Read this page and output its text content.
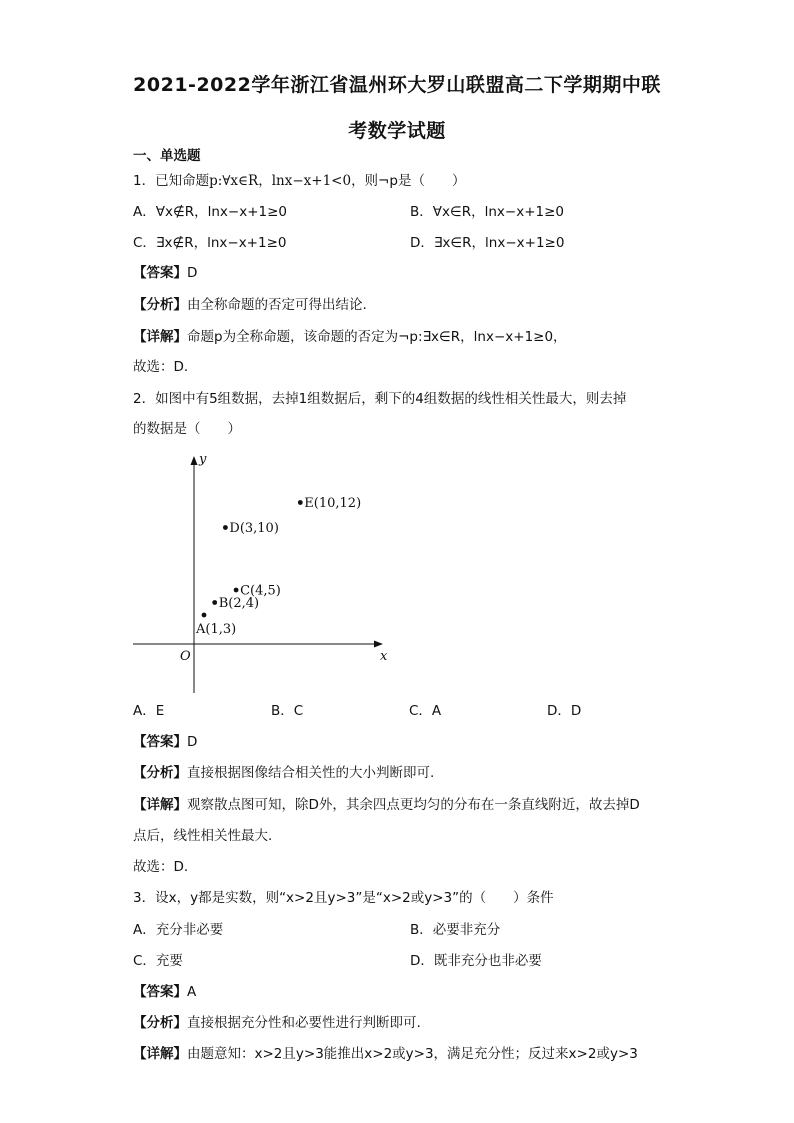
2021-2022学年浙江省温州环大罗山联盟高二下学期期中联
考数学试题
一、单选题
1．已知命题p:∀x∈R，lnx−x+1<0，则¬p是（　　）
A．∀x∉R，lnx−x+1≥0	B．∀x∈R，lnx−x+1≥0
C．∃x∉R，lnx−x+1≥0	D．∃x∈R，lnx−x+1≥0
【答案】D
【分析】由全称命题的否定可得出结论.
【详解】命题p为全称命题，该命题的否定为¬p:∃x∈R，lnx−x+1≥0，
故选：D.
2．如图中有5组数据，去掉1组数据后，剩下的4组数据的线性相关性最大，则去掉
的数据是（　　）
y
x
O
A(1,3)
B(2,4)
C(4,5)
D(3,10)
E(10,12)
A．E	B．C	C．A	D．D
【答案】D
【分析】直接根据图像结合相关性的大小判断即可.
【详解】观察散点图可知，除D外，其余四点更均匀的分布在一条直线附近，故去掉D
点后，线性相关性最大.
故选：D.
3．设x，y都是实数，则“x>2且y>3”是“x>2或y>3”的（　　）条件
A．充分非必要	B．必要非充分
C．充要	D．既非充分也非必要
【答案】A
【分析】直接根据充分性和必要性进行判断即可.
【详解】由题意知：x>2且y>3能推出x>2或y>3，满足充分性；反过来x>2或y>3
